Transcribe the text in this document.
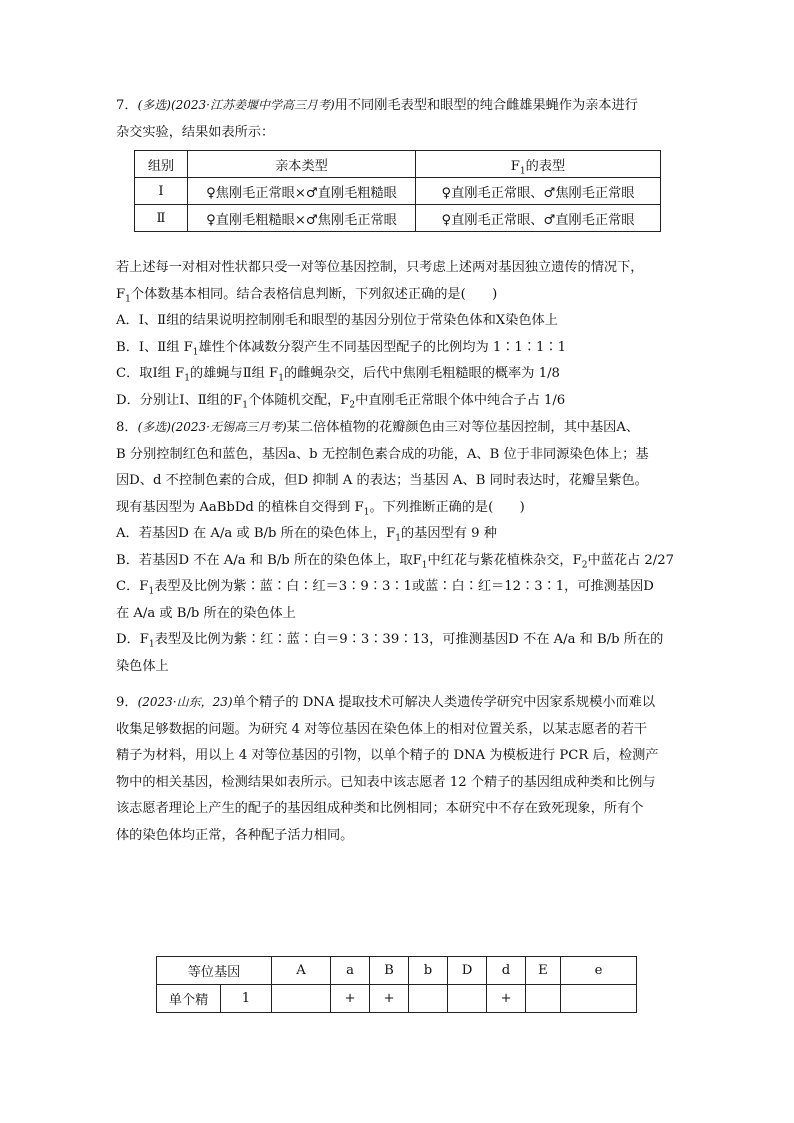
7．(多选)(2023·江苏姜堰中学高三月考)用不同刚毛表型和眼型的纯合雌雄果蝇作为亲本进行
杂交实验，结果如表所示：
组别	亲本类型	$F_1$的表型
Ⅰ	♀焦刚毛正常眼×♂直刚毛粗糙眼	♀直刚毛正常眼、♂焦刚毛正常眼
Ⅱ	♀直刚毛粗糙眼×♂焦刚毛正常眼	♀直刚毛正常眼、♂直刚毛正常眼
若上述每一对相对性状都只受一对等位基因控制，只考虑上述两对基因独立遗传的情况下，
$F_1$个体数基本相同。结合表格信息判断，下列叙述正确的是(　　)
A．Ⅰ、Ⅱ组的结果说明控制刚毛和眼型的基因分别位于常染色体和X染色体上
B．Ⅰ、Ⅱ组 $F_1$雄性个体减数分裂产生不同基因型配子的比例均为 1∶1∶1∶1
C．取Ⅰ组 $F_1$的雄蝇与Ⅱ组 $F_1$的雌蝇杂交，后代中焦刚毛粗糙眼的概率为 1/8
D．分别让Ⅰ、Ⅱ组的$F_1$个体随机交配，$F_2$中直刚毛正常眼个体中纯合子占 1/6
8．(多选)(2023·无锡高三月考)某二倍体植物的花瓣颜色由三对等位基因控制，其中基因A、
B 分别控制红色和蓝色，基因a、b 无控制色素合成的功能，A、B 位于非同源染色体上；基
因D、d 不控制色素的合成，但D 抑制 A 的表达；当基因 A、B 同时表达时，花瓣呈紫色。
现有基因型为 AaBbDd 的植株自交得到 $F_1$。下列推断正确的是(　　)
A．若基因D 在 A/a 或 B/b 所在的染色体上，$F_1$的基因型有 9 种
B．若基因D 不在 A/a 和 B/b 所在的染色体上，取$F_1$中红花与紫花植株杂交，$F_2$中蓝花占 2/27
C．$F_1$表型及比例为紫∶蓝∶白∶红＝3∶9∶3∶1或蓝∶白∶红＝12∶3∶1，可推测基因D
在 A/a 或 B/b 所在的染色体上
D．$F_1$表型及比例为紫∶红∶蓝∶白＝9∶3∶39∶13，可推测基因D 不在 A/a 和 B/b 所在的
染色体上
9．(2023·山东，23)单个精子的 DNA 提取技术可解决人类遗传学研究中因家系规模小而难以
收集足够数据的问题。为研究 4 对等位基因在染色体上的相对位置关系，以某志愿者的若干
精子为材料，用以上 4 对等位基因的引物，以单个精子的 DNA 为模板进行 PCR 后，检测产
物中的相关基因，检测结果如表所示。已知表中该志愿者 12 个精子的基因组成种类和比例与
该志愿者理论上产生的配子的基因组成种类和比例相同；本研究中不存在致死现象，所有个
体的染色体均正常，各种配子活力相同。
等位基因		A	a	B	b	D	d	E	e
单个精	1		+	+			+		
